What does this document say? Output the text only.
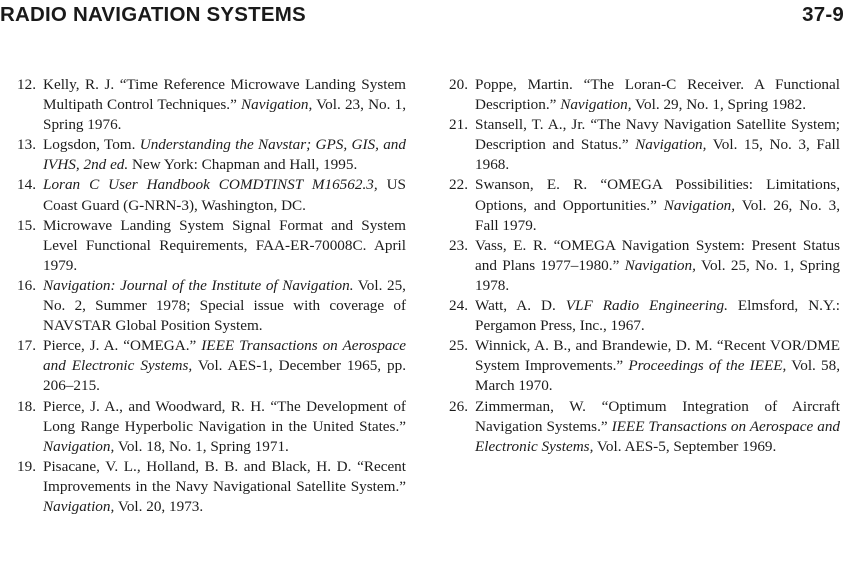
RADIO NAVIGATION SYSTEMS	37-9
12. Kelly, R. J. “Time Reference Microwave Landing System Multipath Control Techniques.” Navigation, Vol. 23, No. 1, Spring 1976.
13. Logsdon, Tom. Understanding the Navstar; GPS, GIS, and IVHS, 2nd ed. New York: Chapman and Hall, 1995.
14. Loran C User Handbook COMDTINST M16562.3, US Coast Guard (G-NRN-3), Washington, DC.
15. Microwave Landing System Signal Format and System Level Functional Requirements, FAA-ER-70008C. April 1979.
16. Navigation: Journal of the Institute of Navigation. Vol. 25, No. 2, Summer 1978; Special issue with coverage of NAVSTAR Global Position System.
17. Pierce, J. A. “OMEGA.” IEEE Transactions on Aerospace and Electronic Systems, Vol. AES-1, December 1965, pp. 206–215.
18. Pierce, J. A., and Woodward, R. H. “The Development of Long Range Hyperbolic Navigation in the United States.” Navigation, Vol. 18, No. 1, Spring 1971.
19. Pisacane, V. L., Holland, B. B. and Black, H. D. “Recent Improvements in the Navy Navigational Satellite System.” Navigation, Vol. 20, 1973.
20. Poppe, Martin. “The Loran-C Receiver. A Functional Description.” Navigation, Vol. 29, No. 1, Spring 1982.
21. Stansell, T. A., Jr. “The Navy Navigation Satellite System; Description and Status.” Navigation, Vol. 15, No. 3, Fall 1968.
22. Swanson, E. R. “OMEGA Possibilities: Limitations, Options, and Opportunities.” Navigation, Vol. 26, No. 3, Fall 1979.
23. Vass, E. R. “OMEGA Navigation System: Present Status and Plans 1977–1980.” Navigation, Vol. 25, No. 1, Spring 1978.
24. Watt, A. D. VLF Radio Engineering. Elmsford, N.Y.: Pergamon Press, Inc., 1967.
25. Winnick, A. B., and Brandewie, D. M. “Recent VOR/DME System Improvements.” Proceedings of the IEEE, Vol. 58, March 1970.
26. Zimmerman, W. “Optimum Integration of Aircraft Navigation Systems.” IEEE Transactions on Aerospace and Electronic Systems, Vol. AES-5, September 1969.
